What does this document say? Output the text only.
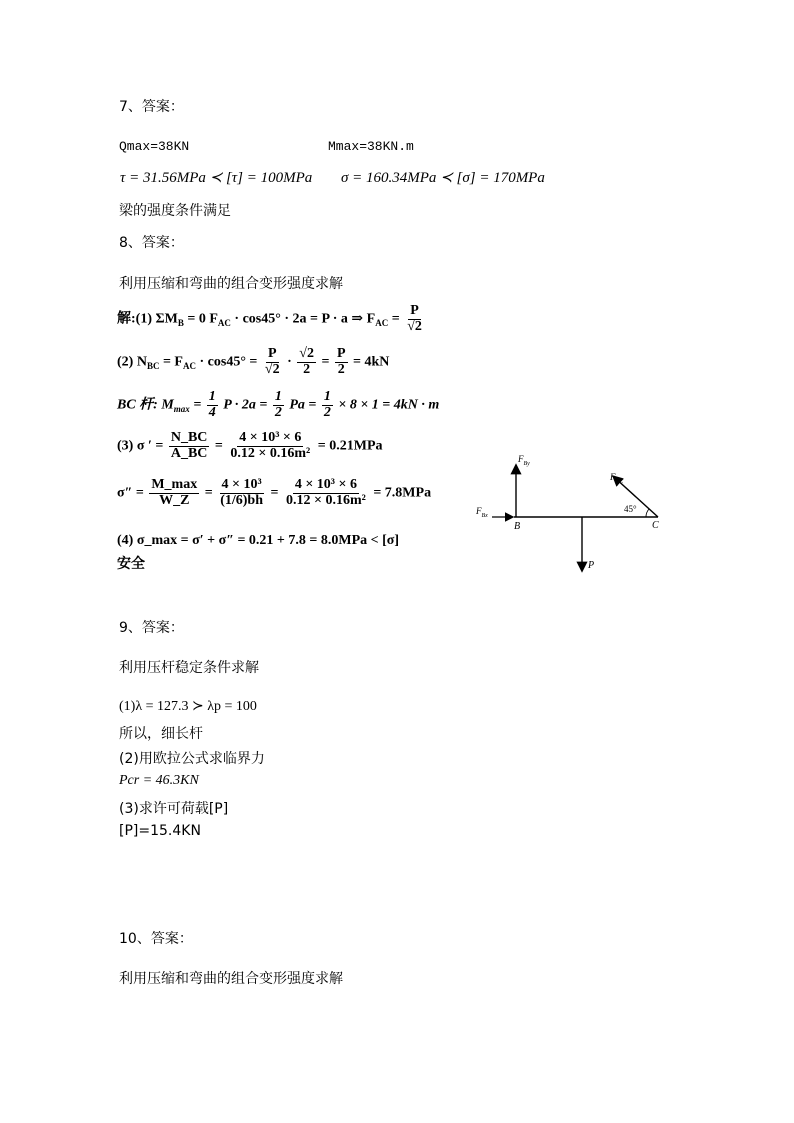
7、答案：
Qmax=38KN	Mmax=38KN.m
τ = 31.56MPa ≺ [τ] = 100MPa σ = 160.34MPa ≺ [σ] = 170MPa
梁的强度条件满足
8、答案：
利用压缩和弯曲的组合变形强度求解
解:(1) $\Sigma M_B = 0$ $F_{AC} \cdot \cos 45^\circ \cdot 2a = P \cdot a$ ⇒ $F_{AC} = \frac{P}{√2}$
(2) $N_{BC} = F_{AC} \cdot \cos 45^\circ = \frac{P}{√2} \cdot \frac{√2}{2} = \frac{P}{2} = 4kN$
BC 杆: $M_{max} = \frac{1}{4}$ $P \cdot 2a = \frac{1}{2}$ $Pa = \frac{1}{2} \times 8 \times 1 = 4kN \cdot m$
(3) σ ′ = $\frac{N\_BC}{A\_BC} = \frac{\text{4 × 10³ × 6}}{\text{0.12 × 0.16m²}} = 0.21MPa$
$\sigma'' = \frac{M\_\max}{W\_Z} = \frac{\text{4 × 10³}}{(1/6)bh} = \frac{\text{4 × 10³ × 6}}{\text{0.12 × 0.16m²}} = 7.8MPa$
(4) σ_max = σ′ + σ″ = 0.21 + 7.8 = 8.0MPa < [σ]
安全
$F_{By}$
$F_{Bx}$
B
P
$F_{AC}$
45°
C
9、答案：
利用压杆稳定条件求解
(1)λ = 127.3 ≻ λp = 100
所以，细长杆
(2)用欧拉公式求临界力
Pcr = 46.3KN
(3)求许可荷载[P]
[P]=15.4KN
10、答案：
利用压缩和弯曲的组合变形强度求解
